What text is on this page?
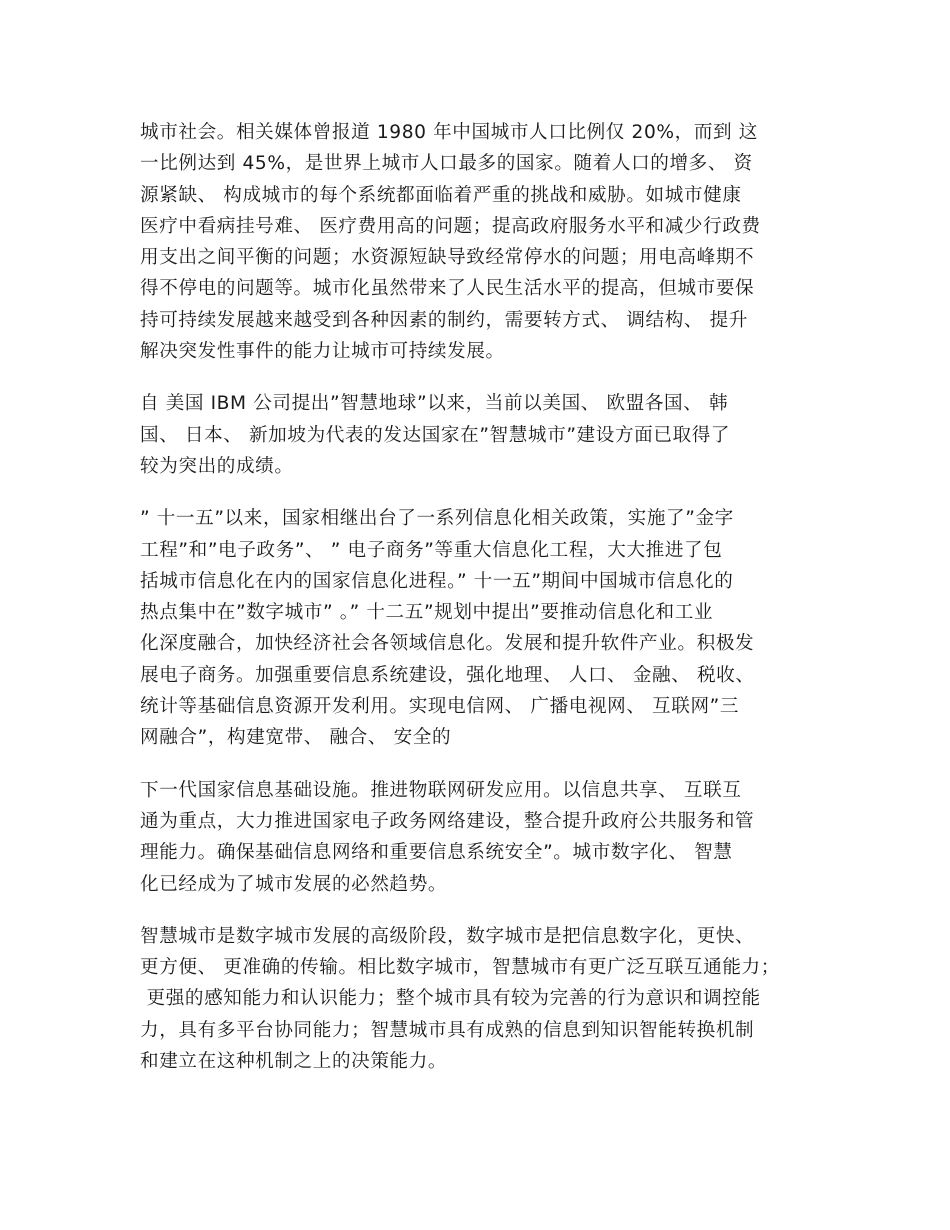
城市社会。相关媒体曾报道 1980 年中国城市人口比例仅 20%，而到 这
一比例达到 45%，是世界上城市人口最多的国家。随着人口的增多、 资
源紧缺、 构成城市的每个系统都面临着严重的挑战和威胁。如城市健康
医疗中看病挂号难、 医疗费用高的问题；提高政府服务水平和减少行政费
用支出之间平衡的问题；水资源短缺导致经常停水的问题；用电高峰期不
得不停电的问题等。城市化虽然带来了人民生活水平的提高，但城市要保
持可持续发展越来越受到各种因素的制约，需要转方式、 调结构、 提升
解决突发性事件的能力让城市可持续发展。
自 美国 IBM 公司提出”智慧地球”以来，当前以美国、 欧盟各国、 韩
国、 日本、 新加坡为代表的发达国家在”智慧城市”建设方面已取得了
较为突出的成绩。
” 十一五”以来，国家相继出台了一系列信息化相关政策，实施了”金字
工程”和”电子政务”、 ” 电子商务”等重大信息化工程，大大推进了包
括城市信息化在内的国家信息化进程。” 十一五”期间中国城市信息化的
热点集中在”数字城市” 。” 十二五”规划中提出”要推动信息化和工业
化深度融合，加快经济社会各领域信息化。发展和提升软件产业。积极发
展电子商务。加强重要信息系统建设，强化地理、 人口、 金融、 税收、
统计等基础信息资源开发利用。实现电信网、 广播电视网、 互联网”三
网融合”，构建宽带、 融合、 安全的
下一代国家信息基础设施。推进物联网研发应用。以信息共享、 互联互
通为重点，大力推进国家电子政务网络建设，整合提升政府公共服务和管
理能力。确保基础信息网络和重要信息系统安全”。城市数字化、 智慧
化已经成为了城市发展的必然趋势。
智慧城市是数字城市发展的高级阶段，数字城市是把信息数字化，更快、
更方便、 更准确的传输。相比数字城市，智慧城市有更广泛互联互通能力；
更强的感知能力和认识能力；整个城市具有较为完善的行为意识和调控能
力，具有多平台协同能力；智慧城市具有成熟的信息到知识智能转换机制
和建立在这种机制之上的决策能力。
